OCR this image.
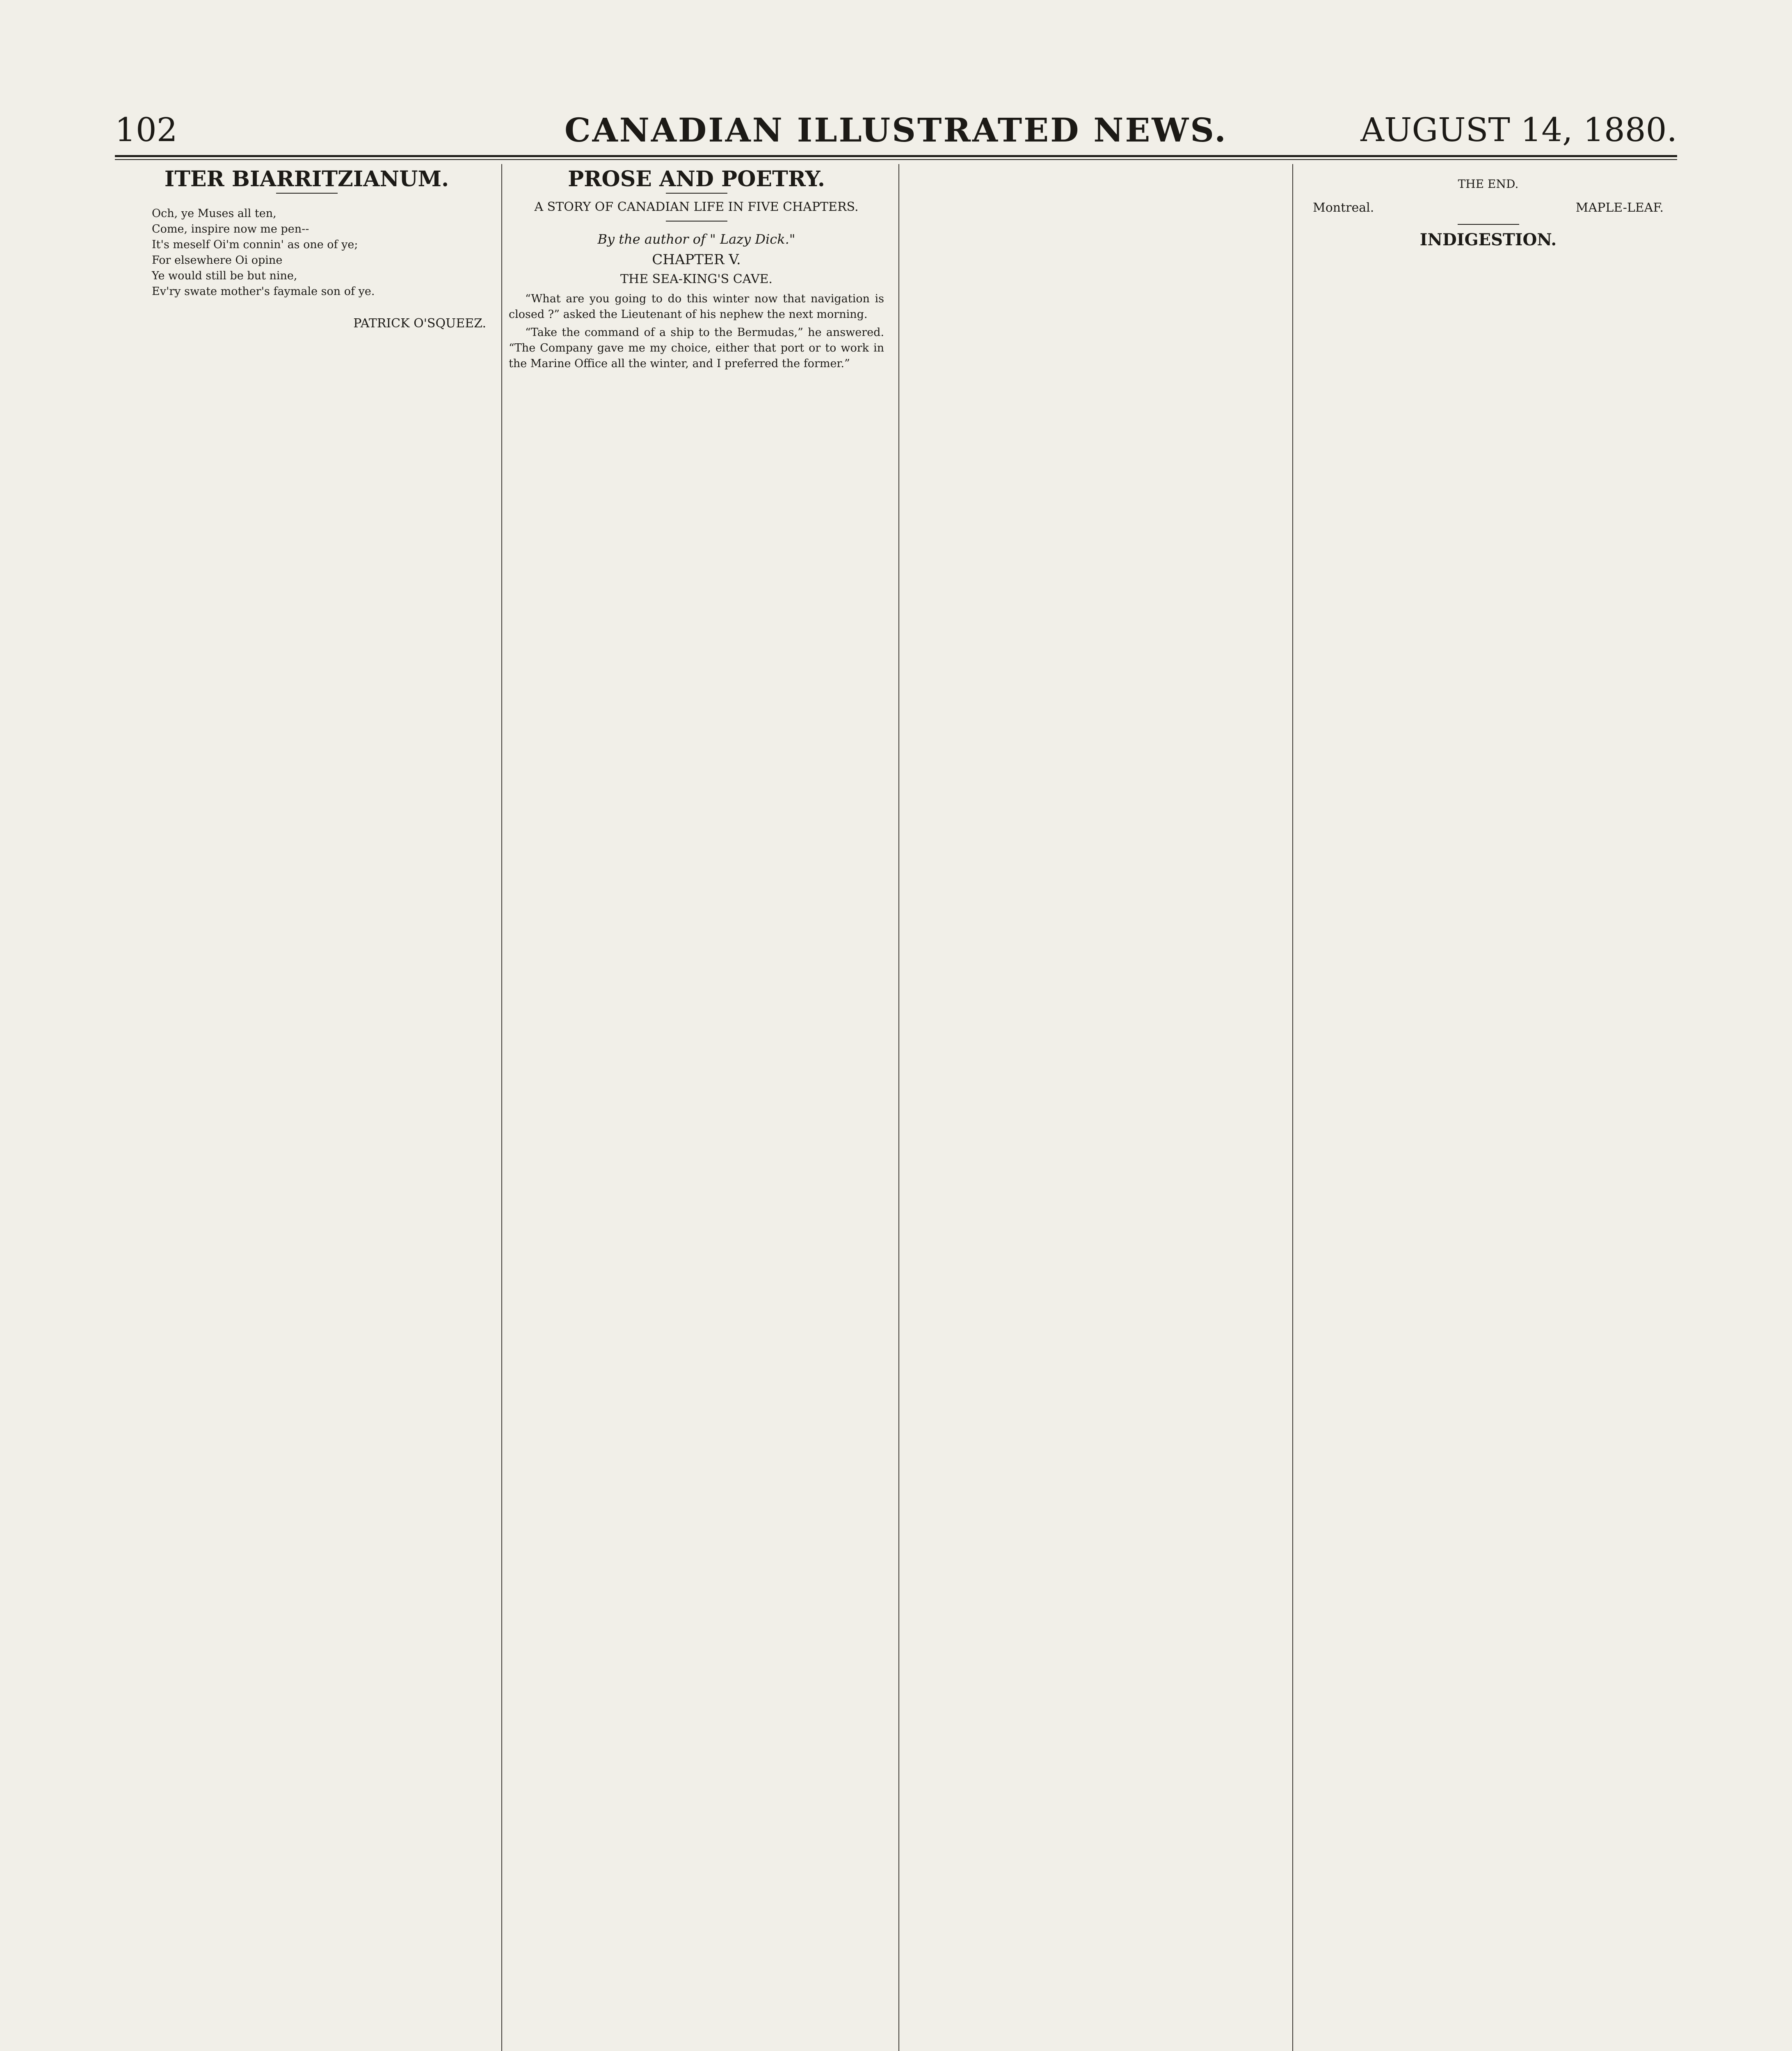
102	CANADIAN ILLUSTRATED NEWS.	AUGUST 14, 1880.
ITER BIARRITZIANUM.
Och, ye Muses all ten,
Come, inspire now me pen--
It's meself Oi'm connin' as one of ye;
For elsewhere Oi opine
Ye would still be but nine,
Ev'ry swate mother's faymale son of ye.
PATRICK O'SQUEEZ.
PROSE AND POETRY.
A STORY OF CANADIAN LIFE IN FIVE CHAPTERS.
By the author of " Lazy Dick."
CHAPTER V.
THE SEA-KING'S CAVE.

“What are you going to do this winter now that navigation is closed ?” asked the Lieutenant of his nephew the next morning.

“Take the command of a ship to the Bermudas,” he answered. “The Company gave me my choice, either that port or to work in the Marine Office all the winter, and I preferred the former.”

THE END.
Montreal.	MAPLE-LEAF.
INDIGESTION.
